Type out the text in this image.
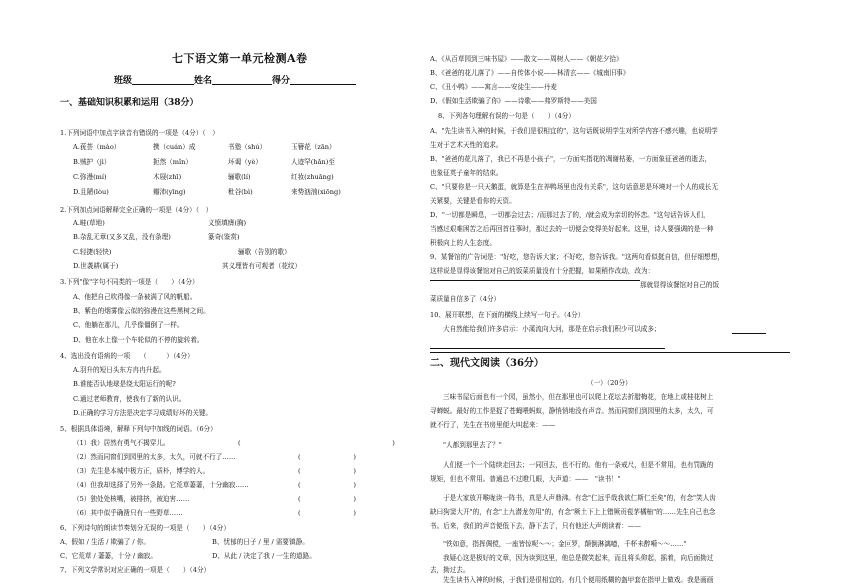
七下语文第一单元检测A卷
班级	姓名	得分
一、基础知识积累和运用（38分）
1.下列词语中加点字读音有错误的一项是（4分）（　）
A.莸荟（mào）	携（cuán）成	书塾（shú）	玉簪花（zān）
B.贼护（jì）	扼然（mǐn）	坏谒（yè）	人迹罕(hǎn)至
C.弥漫(mí)	木屐(zhī)	骊歌(lí)	红妆(zhuāng)
D.且陋(lòu)	瓣沛(yīng)	秕谷(bì)	来势汹汹(xiōng)
2.下列加点词语解释完全正确的一项是（4分）（　）
A.畦(草地)	义愤填膺(胸)
B.杂乱无章(又多又乱，没有条理)	篆奇(鉴赏)
C.轻捷(轻快)	骊歌（告别的歌）
D.世袭耕(属于)	其义理皆有可观者（花纹）
3.下列"像"字句不同类的一项是（　　）（4分）
A、他把自己吹得像一条被满了风的帆船。
B、紫色的烟雾像云似的弥漫在这些黑树之间。
C、他躺在那儿，几乎像僵倒了一样。
D、他在水上像一个车轮似的不停的旋转着。
4、选出没有语病的一项　　（　　　）（4分）
A.羽升的短日头东方冉冉升起。
B.谁能否认地球是绕太阳运行的呢?
C.通过老师教育，使我有了新的认识。
D.正确的学习方法是决定学习成绩好坏的关键。
5、根据具体语境，解释下列句中加线的词语。（6分）
（1）我）居然有勇气不揭穿儿。	(　　　　　　　　　　　　　　　　　　　　　　　)
（2）然而同窗们到园里的太多，太久，可就不行了……	(　　　　　　　　)
（3）先生是本城中极方正，质朴，博学的人。	(　　　　　　　　)
（4）但我却选择了另外一条路。它荒草萋萋，十分幽寂……	(　　　　　　　　)
（5）独处处核嘴，被排挤，被迫害……	(　　　　　　　　)
（6）其中似乎确凿只有一些野草……	(　　　　　　　　)
6、下列诗句的朗读节奏划分无误的一项是（　　）（4分）
A、假如 / 生活 / 欺骗了 / 你。	B、忧郁的日子 / 里 / 需要镇静。
C、它荒草 / 萋萋，十分 / 幽寂。	D、从此 / 决定了我 / 一生的道路。
7、下列文学常识对应正确的一项是（　　）（4分）
A、《从百草园到三味书屋》——散文——周树人——《朝花夕拾》
B、《爸爸的花儿落了》——自传体小说——林清玄——《城南旧事》
C、《丑小鸭》——寓言——安徒生——丹麦
D、《假如生活欺骗了你》——诗歌——弗罗斯特——美国
8、下列各句理解有误的一句是（　　）（4分）
A、"先生读书入神的时候，于我们是很相宜的"，这句话既说明学生对所学内容不感兴趣，也说明学
生对于艺术天性的追求。
B、"爸爸的花儿落了，我已不再是小孩子"，一方面实指花的凋谢枯萎，一方面象征爸爸的逝去，
也象征英子童年的结束。
C、"只要你是一只天鹅蛋，就算是生在养鸭场里也没有关系"，这句话意思是环境对一个人的成长无
关紧要，关键是看你的天资。
D、"一切都是瞬息，一切都会过去；/而那过去了的，/就会成为亲切的怀恋。"这句话告诉人们，
当感过艰难困苦之后再回首往事时，那过去的一切便会变得美好起来。这里，诗人要强调的是一种
积极向上的人生态度。
9、某餐馆的广告词是："好吃，您告诉大家；不好吃，您告诉我。"这两句看似挺自信，但仔细想想，
这样说是显得该餐馆对自己的饭菜质量没有十分把握，如果稍作改动，改为：
那就显得该餐馆对自己的饭
菜质量自信多了（4分）
10、展开联想，在下面的横线上续写一句子。（4分）
大自然能给我们许多启示：小溪流向大河，那是在启示我们积少可以成多；
二、现代文阅读（36分）
（一）（20分）
三味书屋后面也有一个园，虽然小，但在那里也可以爬上花坛去折腊梅花，在地上或桂花树上
寻蝉蜕。最好的工作是捉了苍蝇喂蚂蚁，静悄悄地没有声音。然而同窗们到园里的太多，太久，可
就不行了，先生在书房里便大叫起来：——
"人都到那里去了？"
人们便一个一个陆续走回去；一同回去，也不行的。他有一条戒尺，但是不常用，也有罚跪的
规矩，但也不常用。普通总不过瞪几眼，大声道：——　"读书！"
于是大家放开喉咙读一阵书，真是人声鼎沸。有念"仁远乎哉我欲仁斯仁至矣"的，有念"笑人齿
缺曰狗窦大开"的，有念"上九潜龙勿用"的，有念"厥土下上上错厥贡苞茅橘柚"的……先生自己也念
书。后来，我们的声音便低下去，静下去了，只有他还大声朗读着：——
"铁如意，指挥倜傥，一座皆惊呢～～；金叵罗，颠倒淋漓噫，千杯未醉嗬～～……"
我疑心这是极好的文章，因为读到这里，他总是微笑起来，而且将头仰起，摇着，向后面拗过
去，拗过去。
先生读书入神的时候，于我们是很相宜的。有几个便用纸糊的盔甲套在指甲上做戏。我是画画
